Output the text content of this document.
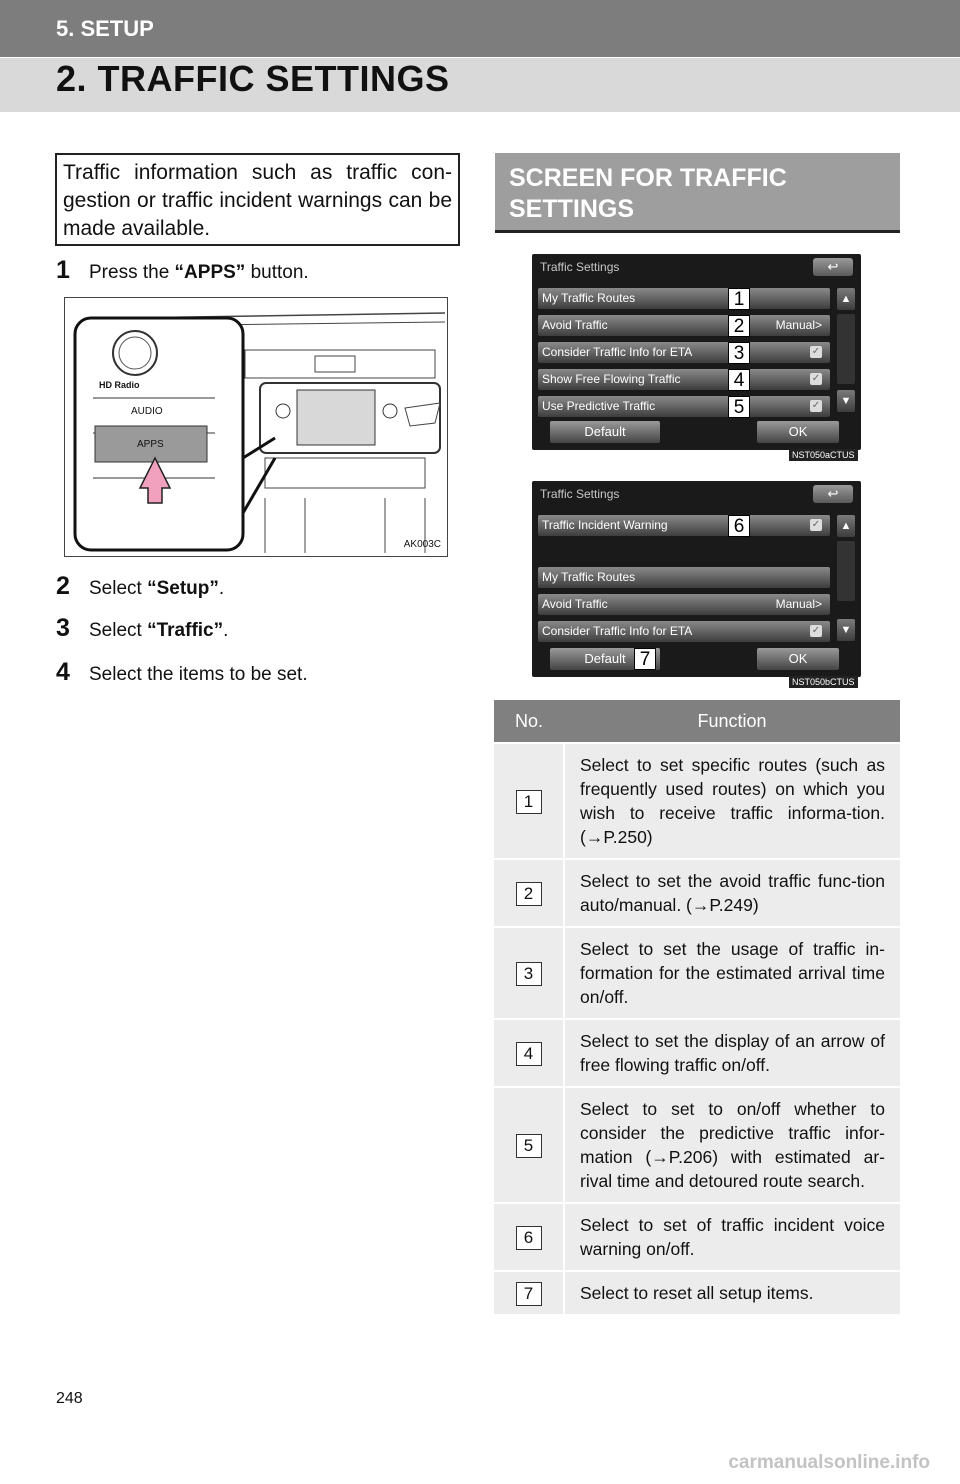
5. SETUP
2. TRAFFIC SETTINGS
Traffic information such as traffic con-gestion or traffic incident warnings can be made available.
1	Press the “APPS” button.
HD Radio
AUDIO
APPS
AK003C
2	Select “Setup”.
3	Select “Traffic”.
4	Select the items to be set.
SCREEN FOR TRAFFIC SETTINGS
Traffic Settings	↩
My Traffic Routes	1
Avoid Traffic	Manual>
2
Consider Traffic Info for ETA	✓
3
Show Free Flowing Traffic	✓
4
Use Predictive Traffic	✓
5
▲
▼
Default	OK
NST050aCTUS
Traffic Settings	↩
Traffic Incident Warning	✓
6
My Traffic Routes
Avoid Traffic	Manual>
Consider Traffic Info for ETA	✓
▲
▼
Default 7	OK
NST050bCTUS
No.	Function
1	Select to set specific routes (such as frequently used routes) on which you wish to receive traffic informa-tion. (→P.250)
2	Select to set the avoid traffic func-tion auto/manual. (→P.249)
3	Select to set the usage of traffic in-formation for the estimated arrival time on/off.
4	Select to set the display of an arrow of free flowing traffic on/off.
5	Select to set to on/off whether to consider the predictive traffic infor-mation (→P.206) with estimated ar-rival time and detoured route search.
6	Select to set of traffic incident voice warning on/off.
7	Select to reset all setup items.
248
carmanualsonline.info
